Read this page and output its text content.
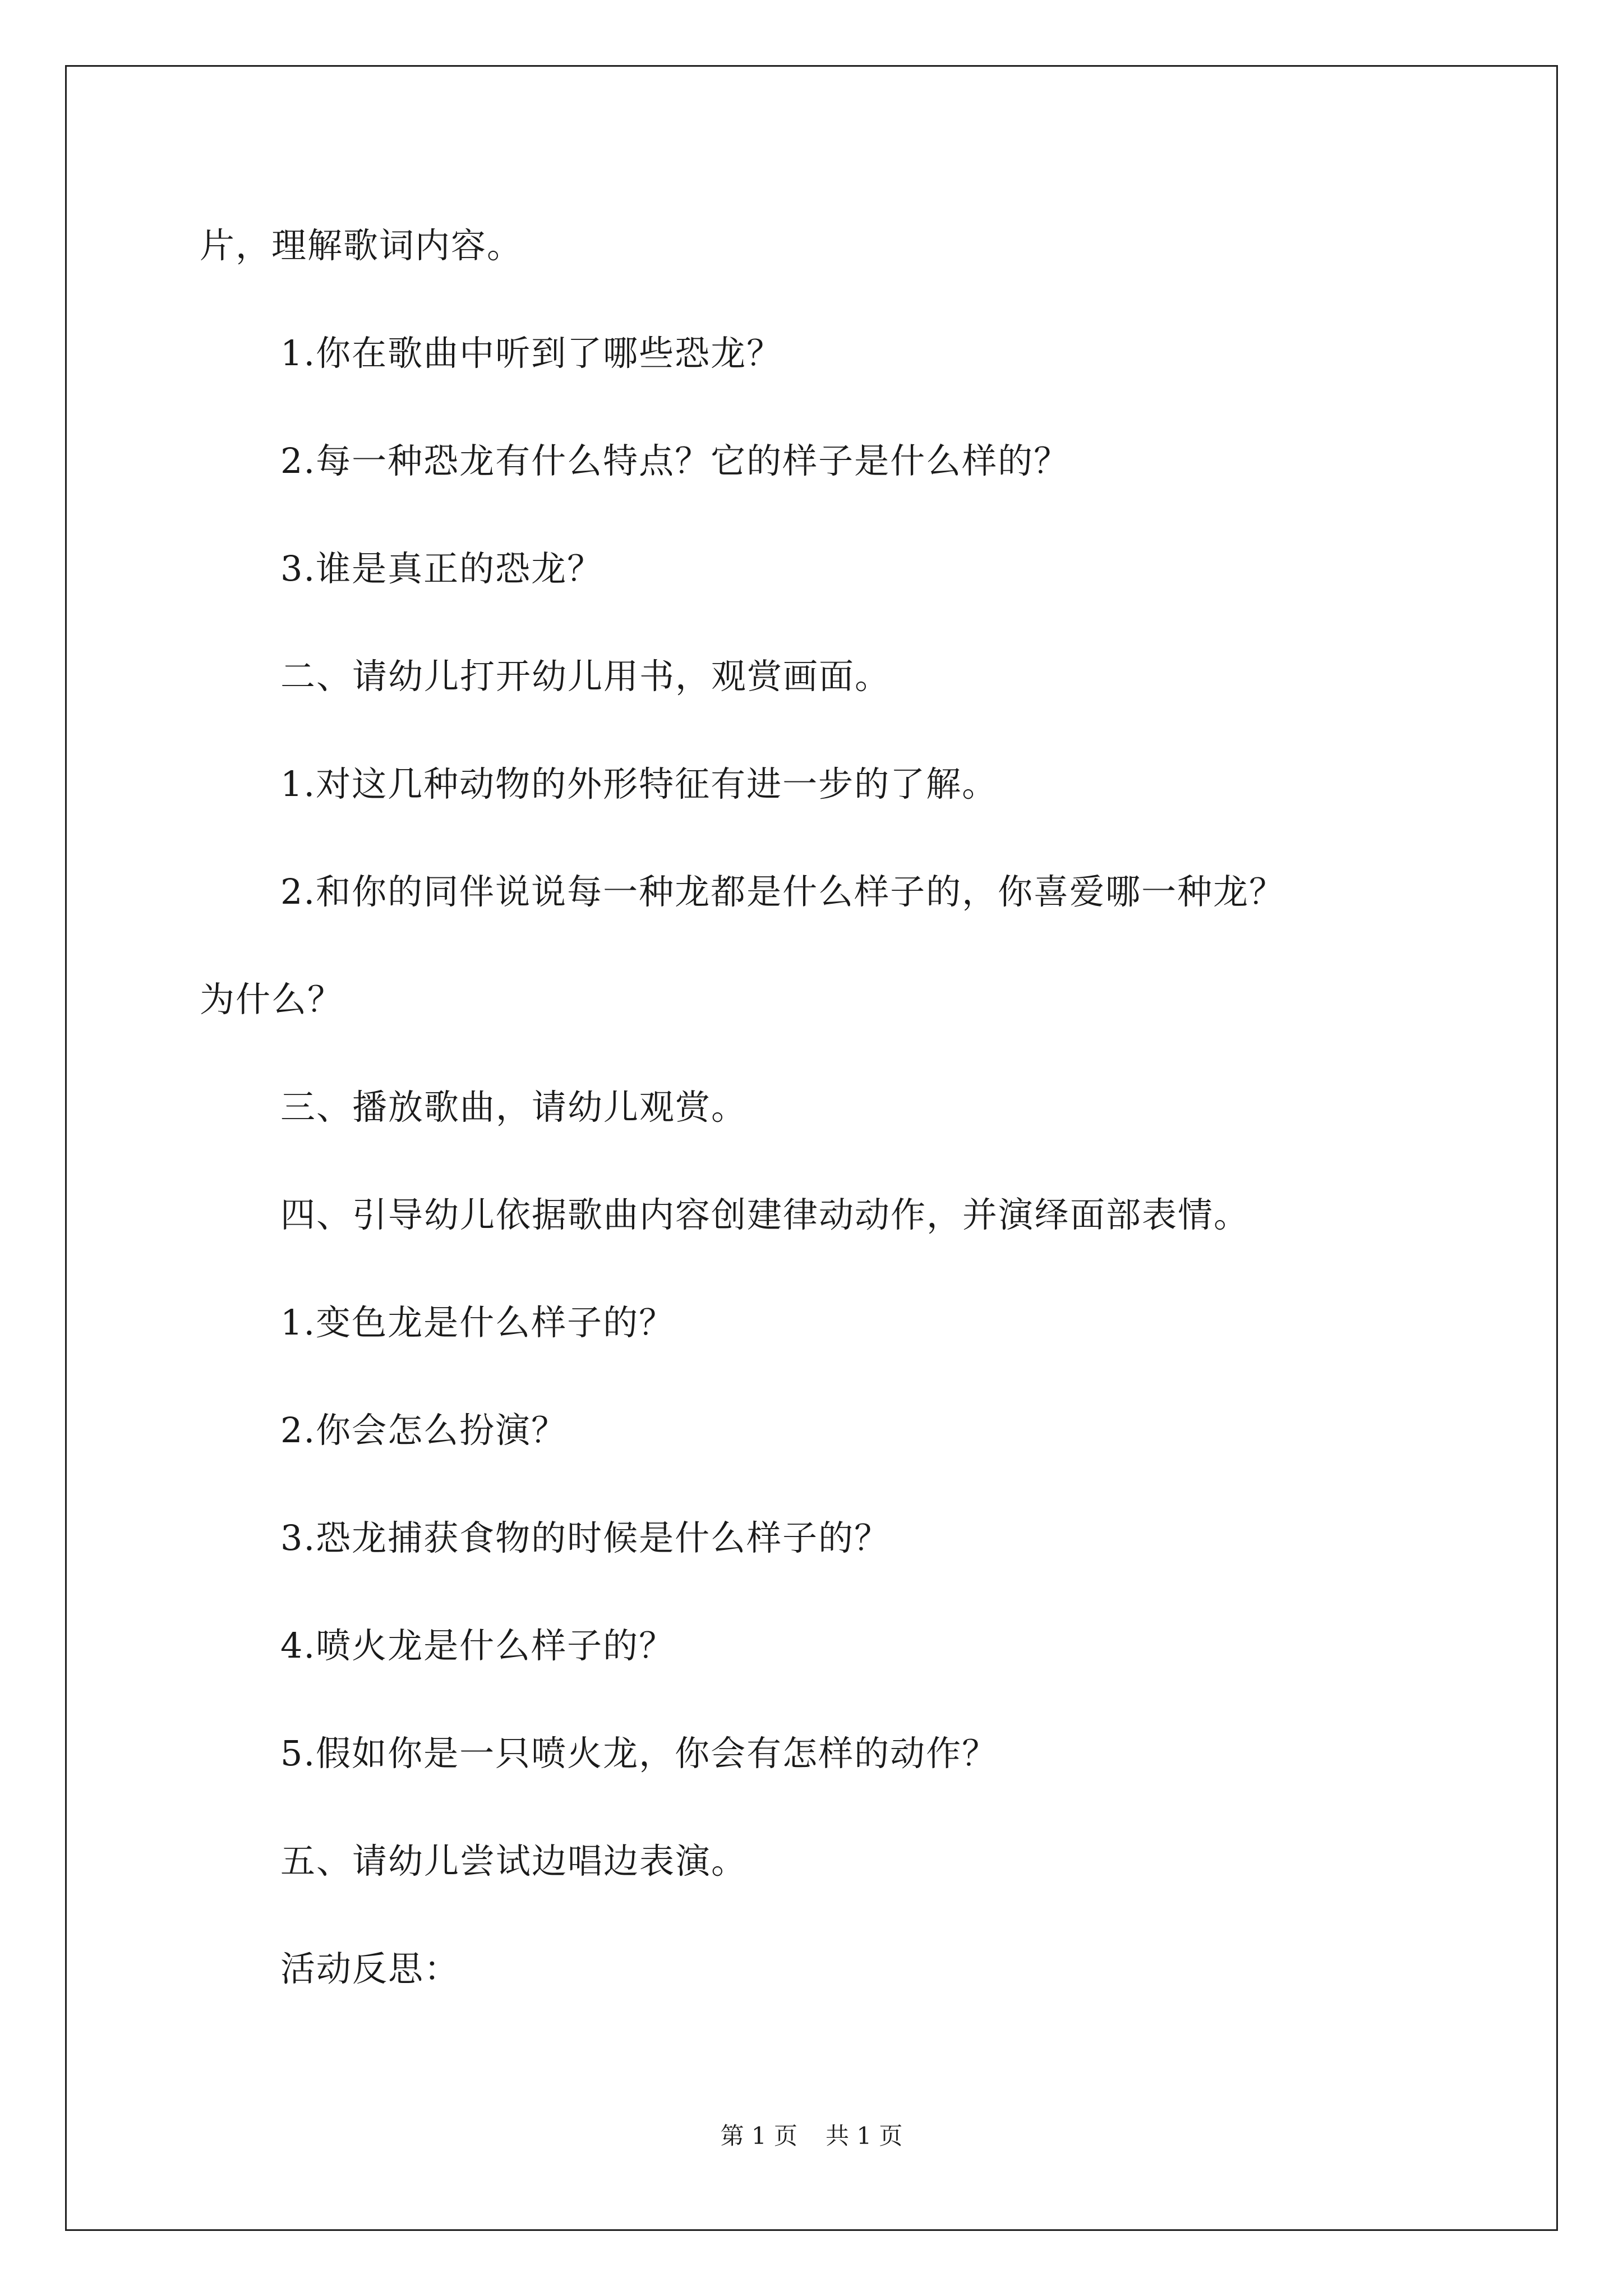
片，理解歌词内容。
1.你在歌曲中听到了哪些恐龙？
2.每一种恐龙有什么特点？它的样子是什么样的？
3.谁是真正的恐龙？
二、请幼儿打开幼儿用书，观赏画面。
1.对这几种动物的外形特征有进一步的了解。
2.和你的同伴说说每一种龙都是什么样子的，你喜爱哪一种龙？
为什么？
三、播放歌曲，请幼儿观赏。
四、引导幼儿依据歌曲内容创建律动动作，并演绎面部表情。
1.变色龙是什么样子的？
2.你会怎么扮演？
3.恐龙捕获食物的时候是什么样子的？
4.喷火龙是什么样子的？
5.假如你是一只喷火龙，你会有怎样的动作？
五、请幼儿尝试边唱边表演。
活动反思：
第 1 页 共 1 页
